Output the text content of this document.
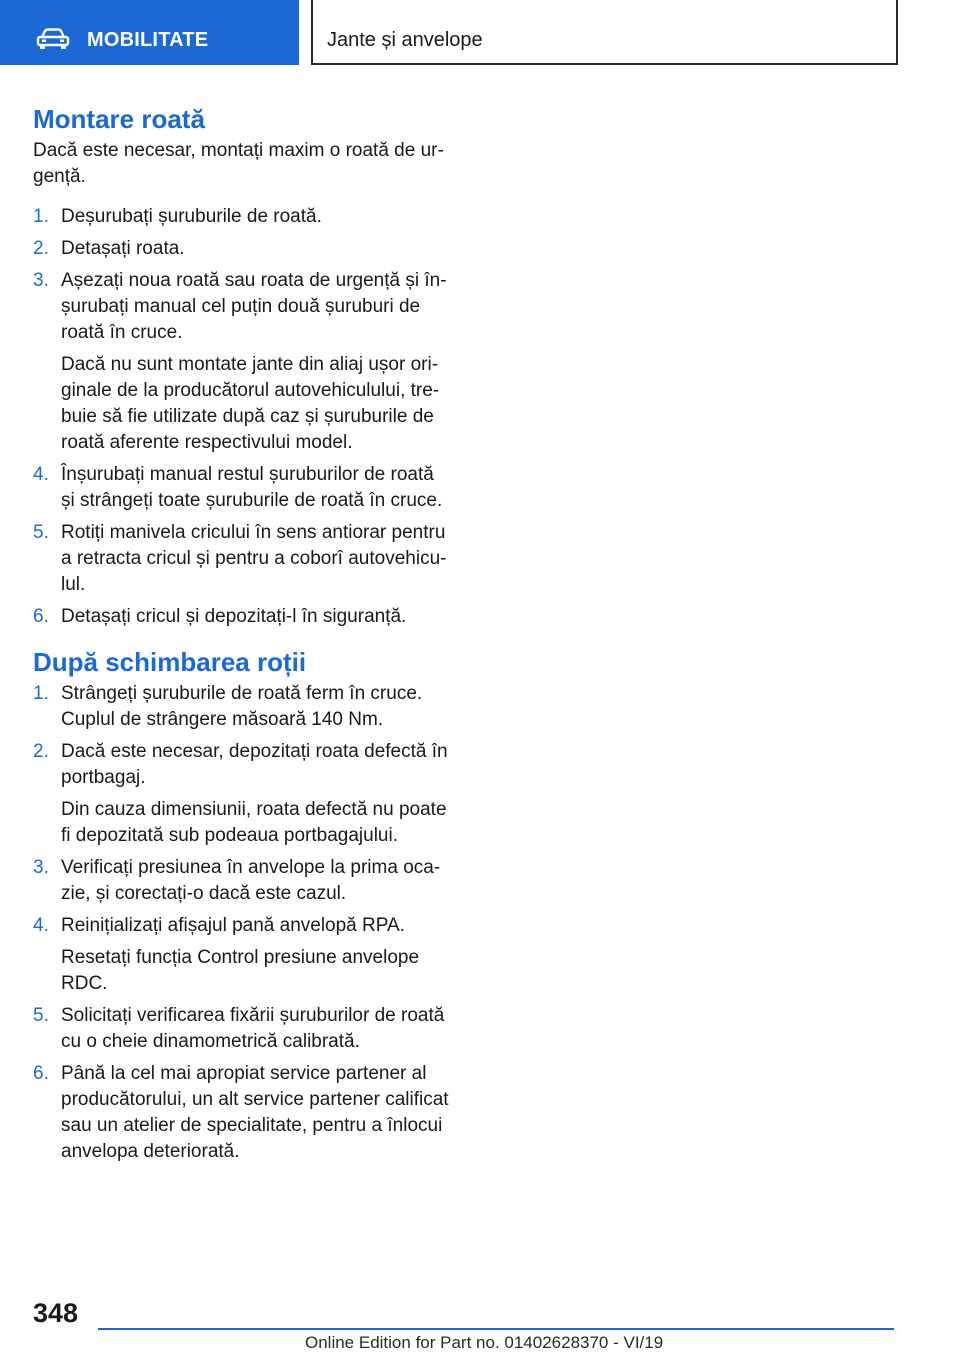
MOBILITATE	Jante și anvelope
Montare roată
Dacă este necesar, montați maxim o roată de ur-
gență.
1. Deșurubați șuruburile de roată.
2. Detașați roata.
3. Așezați noua roată sau roata de urgență și în-
șurubați manual cel puțin două șuruburi de
roată în cruce.
Dacă nu sunt montate jante din aliaj ușor ori-
ginale de la producătorul autovehiculului, tre-
buie să fie utilizate după caz și șuruburile de
roată aferente respectivului model.
4. Înșurubați manual restul șuruburilor de roată
și strângeți toate șuruburile de roată în cruce.
5. Rotiți manivela cricului în sens antiorar pentru
a retracta cricul și pentru a coborî autovehicu-
lul.
6. Detașați cricul și depozitați-l în siguranță.
După schimbarea roții
1. Strângeți șuruburile de roată ferm în cruce.
Cuplul de strângere măsoară 140 Nm.
2. Dacă este necesar, depozitați roata defectă în
portbagaj.
Din cauza dimensiunii, roata defectă nu poate
fi depozitată sub podeaua portbagajului.
3. Verificați presiunea în anvelope la prima oca-
zie, și corectați-o dacă este cazul.
4. Reinițializați afișajul pană anvelopă RPA.
Resetați funcția Control presiune anvelope
RDC.
5. Solicitați verificarea fixării șuruburilor de roată
cu o cheie dinamometrică calibrată.
6. Până la cel mai apropiat service partener al
producătorului, un alt service partener calificat
sau un atelier de specialitate, pentru a înlocui
anvelopa deteriorată.
348
Online Edition for Part no. 01402628370 - VI/19
